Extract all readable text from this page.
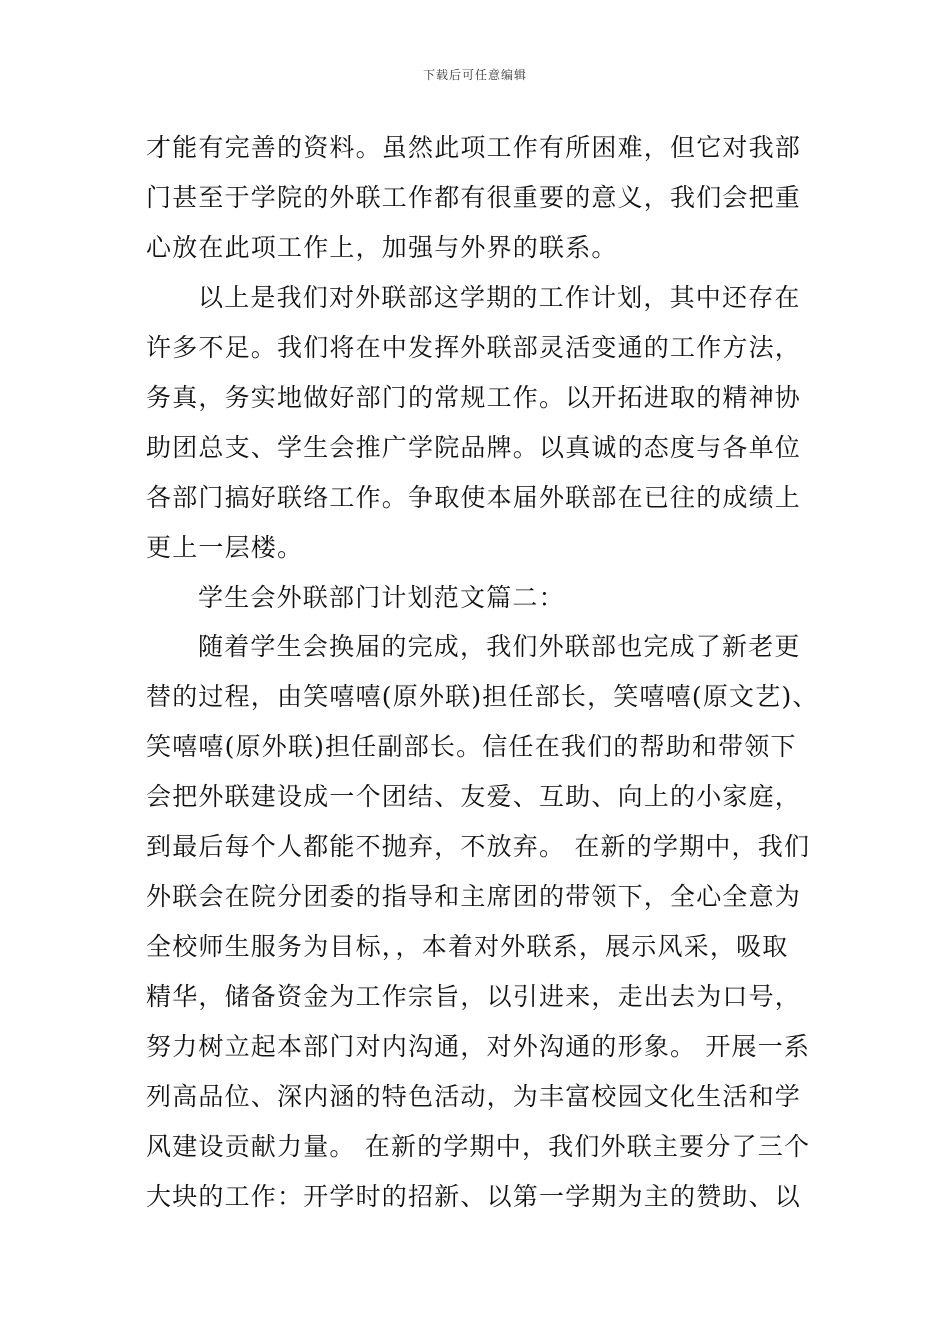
下载后可任意编辑
才能有完善的资料。虽然此项工作有所困难，但它对我部
门甚至于学院的外联工作都有很重要的意义，我们会把重
心放在此项工作上，加强与外界的联系。
以上是我们对外联部这学期的工作计划，其中还存在
许多不足。我们将在中发挥外联部灵活变通的工作方法，
务真，务实地做好部门的常规工作。以开拓进取的精神协
助团总支、学生会推广学院品牌。以真诚的态度与各单位
各部门搞好联络工作。争取使本届外联部在已往的成绩上
更上一层楼。
学生会外联部门计划范文篇二：
随着学生会换届的完成，我们外联部也完成了新老更
替的过程，由笑嘻嘻(原外联)担任部长，笑嘻嘻(原文艺)、
笑嘻嘻(原外联)担任副部长。信任在我们的帮助和带领下
会把外联建设成一个团结、友爱、互助、向上的小家庭，
到最后每个人都能不抛弃，不放弃。 在新的学期中，我们
外联会在院分团委的指导和主席团的带领下，全心全意为
全校师生服务为目标，，本着对外联系，展示风采，吸取
精华，储备资金为工作宗旨，以引进来，走出去为口号，
努力树立起本部门对内沟通，对外沟通的形象。 开展一系
列高品位、深内涵的特色活动，为丰富校园文化生活和学
风建设贡献力量。 在新的学期中，我们外联主要分了三个
大块的工作：开学时的招新、以第一学期为主的赞助、以
